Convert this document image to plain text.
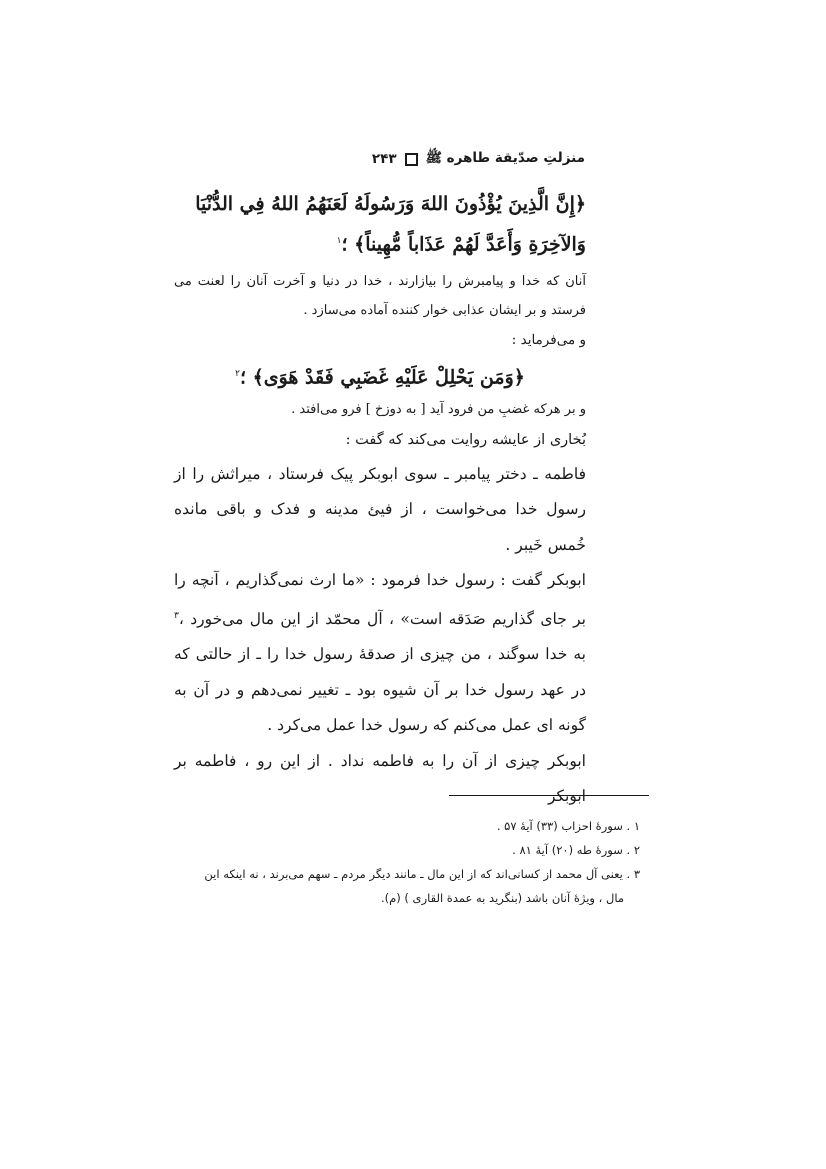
منزلتِ صدّيقة طاهره ﷺ
۲۴۳

﴿إِنَّ الَّذِينَ يُؤْذُونَ اللهَ وَرَسُولَهُ لَعَنَهُمُ اللهُ فِي الدُّنْيَا وَالآخِرَةِ وَأَعَدَّ لَهُمْ عَذَاباً مُّهِيناً﴾ ؛$^۱$

آنان که خدا و پیامبرش را بیازارند ، خدا در دنیا و آخرت آنان را لعنت می فرستد و بر ایشان عذابی خوار کننده آماده می‌سازد .

و می‌فرماید :

﴿وَمَن يَحْلِلْ عَلَيْهِ غَضَبِي فَقَدْ هَوَى﴾ ؛$^۲$

و بر هرکه غضبِ من فرود آید [ به دوزخ ] فرو می‌افتد .

بُخاری از عایشه روایت می‌کند که گفت :

فاطمه ـ دختر پیامبر ـ سوی ابوبکر پیک فرستاد ، میراثش را از رسول خدا می‌خواست ، از فیئ مدینه و فدک و باقی مانده خُمس خَیبر .

ابوبکر گفت : رسول خدا فرمود : «ما ارث نمی‌گذاریم ، آنچه را بر جای گذاریم صَدَقه است» ، آل محمّد از این مال می‌خورد ،$^۳$ به خدا سوگند ، من چیزی از صدقهٔ رسول خدا را ـ از حالتی که در عهد رسول خدا بر آن شیوه بود ـ تغییر نمی‌دهم و در آن به گونه ای عمل می‌کنم که رسول خدا عمل می‌کرد .

ابوبکر چیزی از آن را به فاطمه نداد . از این رو ، فاطمه بر ابوبکر

۱ . سورهٔ احزاب (۳۳) آیهٔ ۵۷ .

۲ . سورهٔ طه (۲۰) آیهٔ ۸۱ .

۳ . یعنی آل محمد از کسانی‌اند که از این مال ـ مانند دیگر مردم ـ سهم می‌برند ، نه اینکه این

مال ، ویژهٔ آنان باشد (بنگرید به عمدة القاری ) (م).
